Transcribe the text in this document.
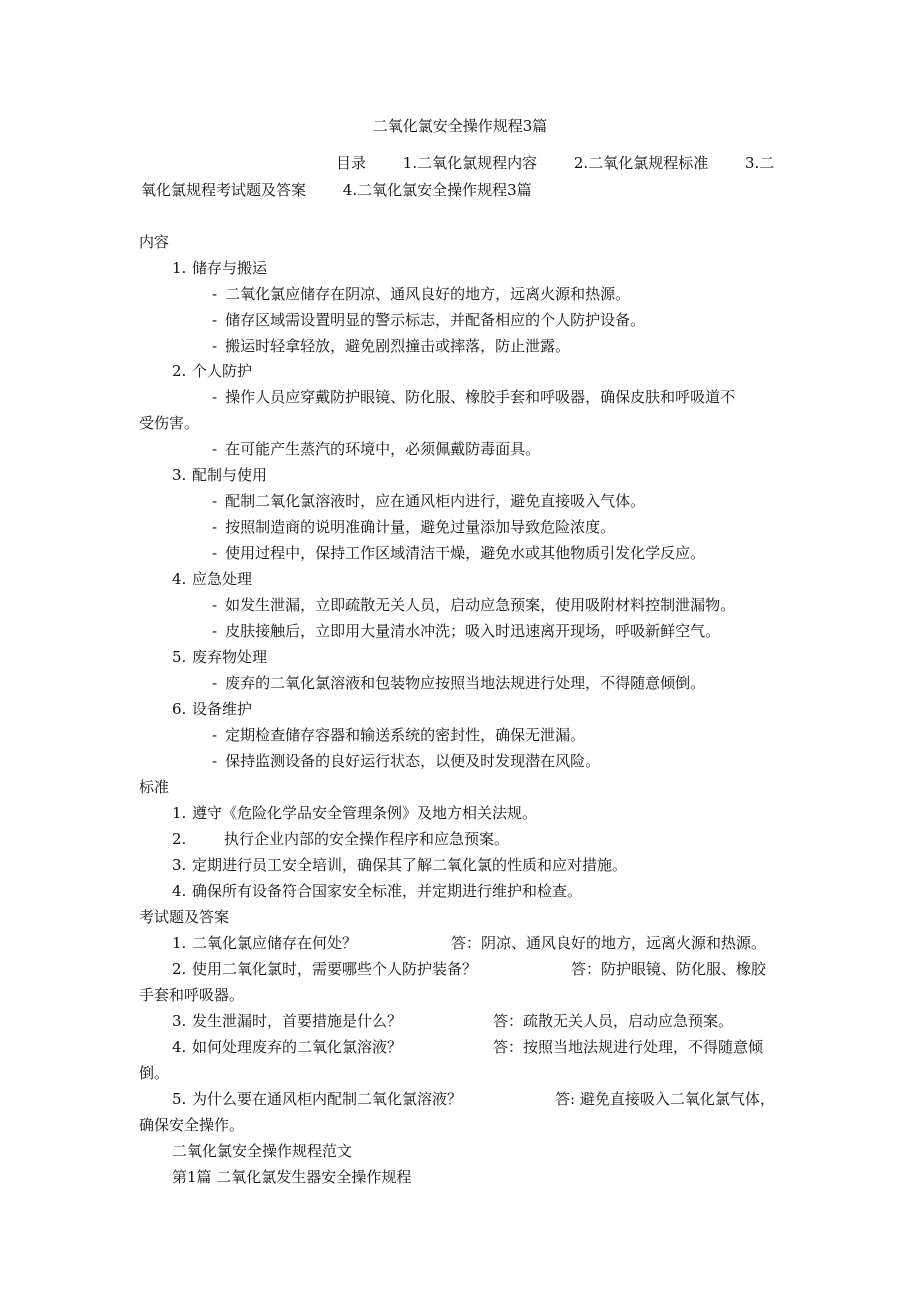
二氧化氯安全操作规程3篇
目录 1.二氧化氯规程内容 2.二氧化氯规程标准 3.二
氧化氯规程考试题及答案 4.二氧化氯安全操作规程3篇
内容
1. 储存与搬运
- 二氧化氯应储存在阴凉、通风良好的地方，远离火源和热源。
- 储存区域需设置明显的警示标志，并配备相应的个人防护设备。
- 搬运时轻拿轻放，避免剧烈撞击或摔落，防止泄露。
2. 个人防护
- 操作人员应穿戴防护眼镜、防化服、橡胶手套和呼吸器，确保皮肤和呼吸道不
受伤害。
- 在可能产生蒸汽的环境中，必须佩戴防毒面具。
3. 配制与使用
- 配制二氧化氯溶液时，应在通风柜内进行，避免直接吸入气体。
- 按照制造商的说明准确计量，避免过量添加导致危险浓度。
- 使用过程中，保持工作区域清洁干燥，避免水或其他物质引发化学反应。
4. 应急处理
- 如发生泄漏，立即疏散无关人员，启动应急预案，使用吸附材料控制泄漏物。
- 皮肤接触后，立即用大量清水冲洗；吸入时迅速离开现场，呼吸新鲜空气。
5. 废弃物处理
- 废弃的二氧化氯溶液和包装物应按照当地法规进行处理，不得随意倾倒。
6. 设备维护
- 定期检查储存容器和输送系统的密封性，确保无泄漏。
- 保持监测设备的良好运行状态，以便及时发现潜在风险。
标准
1. 遵守《危险化学品安全管理条例》及地方相关法规。
2.	执行企业内部的安全操作程序和应急预案。
3. 定期进行员工安全培训，确保其了解二氧化氯的性质和应对措施。
4. 确保所有设备符合国家安全标准，并定期进行维护和检查。
考试题及答案
1. 二氧化氯应储存在何处？	答：阴凉、通风良好的地方，远离火源和热源。
2. 使用二氧化氯时，需要哪些个人防护装备？	答：防护眼镜、防化服、橡胶
手套和呼吸器。
3. 发生泄漏时，首要措施是什么？	答：疏散无关人员，启动应急预案。
4. 如何处理废弃的二氧化氯溶液？	答：按照当地法规进行处理，不得随意倾
倒。
5. 为什么要在通风柜内配制二氧化氯溶液？	答: 避免直接吸入二氧化氯气体，
确保安全操作。
二氧化氯安全操作规程范文
第1篇 二氧化氯发生器安全操作规程
